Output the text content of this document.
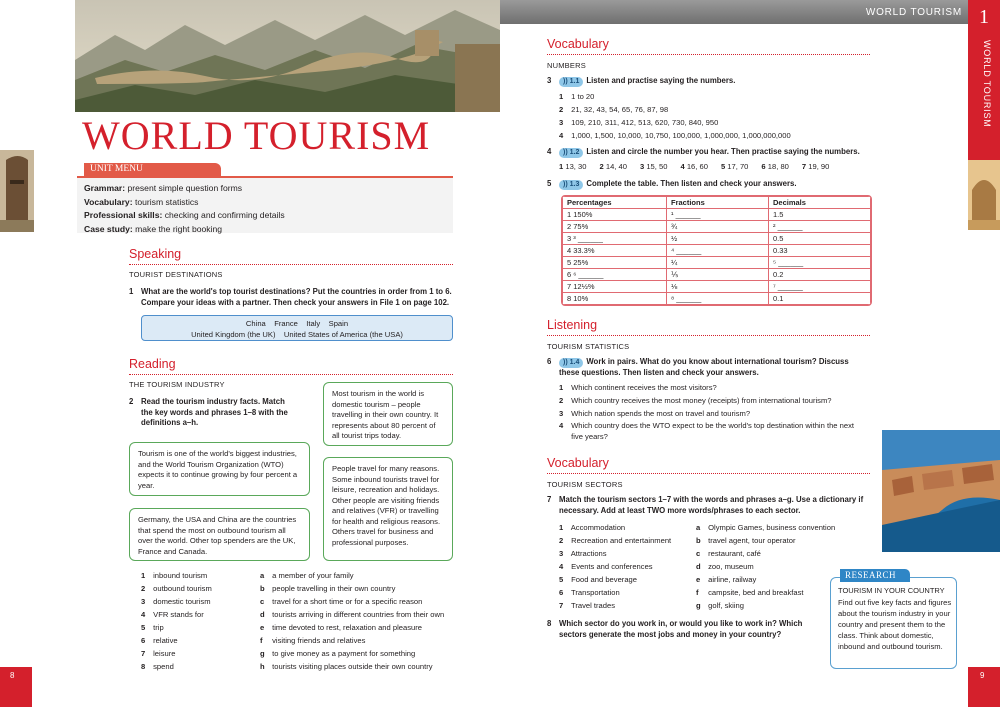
WORLD TOURISM
UNIT MENU
Grammar: present simple question forms
Vocabulary: tourism statistics
Professional skills: checking and confirming details
Case study: make the right booking
Speaking
TOURIST DESTINATIONS
1 What are the world's top tourist destinations? Put the countries in order from 1 to 6.
Compare your ideas with a partner. Then check your answers in File 1 on page 102.
China    France    Italy    Spain
United Kingdom (the UK)    United States of America (the USA)
Reading
THE TOURISM INDUSTRY
2 Read the tourism industry facts. Match
the key words and phrases 1–8 with the
definitions a–h.
Tourism is one of the world's biggest industries, and the World Tourism Organization (WTO) expects it to continue growing by four percent a year.
Germany, the USA and China are the countries that spend the most on outbound tourism all over the world. Other top spenders are the UK, France and Canada.
Most tourism in the world is domestic tourism – people travelling in their own country. It represents about 80 percent of all tourist trips today.
People travel for many reasons. Some inbound tourists travel for leisure, recreation and holidays. Other people are visiting friends and relatives (VFR) or travelling for health and religious reasons. Others travel for business and professional purposes.
1 inbound tourism
2 outbound tourism
3 domestic tourism
4 VFR stands for
5 trip
6 relative
7 leisure
8 spend
a a member of your family
b people travelling in their own country
c travel for a short time or for a specific reason
d tourists arriving in different countries from their own
e time devoted to rest, relaxation and pleasure
f visiting friends and relatives
g to give money as a payment for something
h tourists visiting places outside their own country
8
WORLD TOURISM 1
WORLD TOURISM
Vocabulary
NUMBERS
3 )) 1.1 Listen and practise saying the numbers.
1 1 to 20
2 21, 32, 43, 54, 65, 76, 87, 98
3 109, 210, 311, 412, 513, 620, 730, 840, 950
4 1,000, 1,500, 10,000, 10,750, 100,000, 1,000,000, 1,000,000,000
4 )) 1.2 Listen and circle the number you hear. Then practise saying the numbers.
1 13, 30 2 14, 40 3 15, 50 4 16, 60 5 17, 70 6 18, 80 7 19, 90
5 )) 1.3 Complete the table. Then listen and check your answers.
Percentages	Fractions	Decimals
1 150%	¹ ______	1.5
2 75%	¾	² ______
3 ³ ______	½	0.5
4 33.3%	⁴ ______	0.33
5 25%	¼	⁵ ______
6 ⁶ ______	⅕	0.2
7 12½%	⅛	⁷ ______
8 10%	⁸ ______	0.1
Listening
TOURISM STATISTICS
6 )) 1.4 Work in pairs. What do you know about international tourism? Discuss
these questions. Then listen and check your answers.
1 Which continent receives the most visitors?
2 Which country receives the most money (receipts) from international tourism?
3 Which nation spends the most on travel and tourism?
4 Which country does the WTO expect to be the world's top destination within the next
five years?
Vocabulary
TOURISM SECTORS
7 Match the tourism sectors 1–7 with the words and phrases a–g. Use a dictionary if
necessary. Add at least TWO more words/phrases to each sector.
1 Accommodation
2 Recreation and entertainment
3 Attractions
4 Events and conferences
5 Food and beverage
6 Transportation
7 Travel trades
a Olympic Games, business convention
b travel agent, tour operator
c restaurant, café
d zoo, museum
e airline, railway
f campsite, bed and breakfast
g golf, skiing
8 Which sector do you work in, or would you like to work in? Which
sectors generate the most jobs and money in your country?
RESEARCH
TOURISM IN YOUR COUNTRY
Find out five key facts and figures about the tourism industry in your country and present them to the class. Think about domestic, inbound and outbound tourism.
9
